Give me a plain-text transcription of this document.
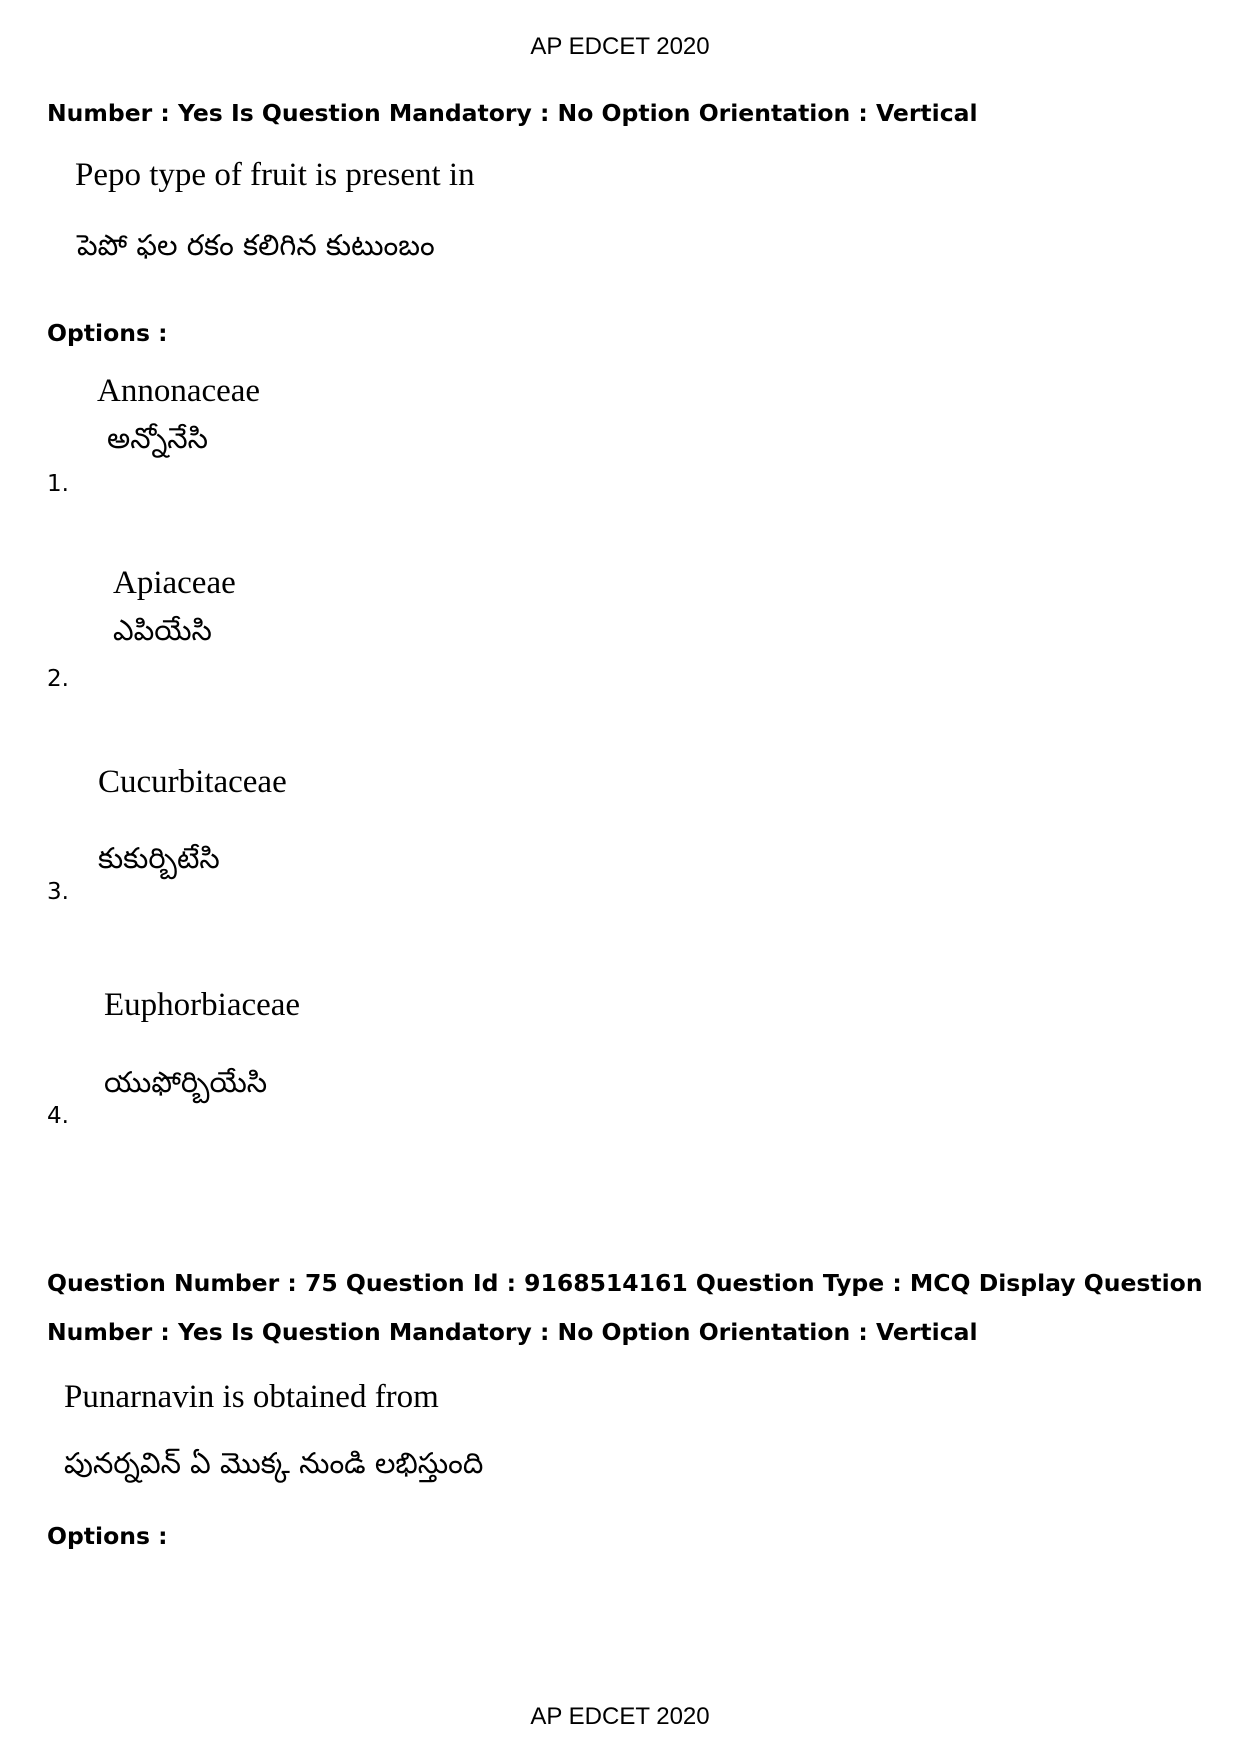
AP EDCET 2020
Number : Yes Is Question Mandatory : No Option Orientation : Vertical
Pepo type of fruit is present in
పెపో ఫల రకం కలిగిన కుటుంబం
Options :
Annonaceae
అన్నోనేసి
1.
Apiaceae
ఎపియేసి
2.
Cucurbitaceae
కుకుర్బిటేసి
3.
Euphorbiaceae
యుఫోర్బియేసి
4.
Question Number : 75 Question Id : 9168514161 Question Type : MCQ Display Question
Number : Yes Is Question Mandatory : No Option Orientation : Vertical
Punarnavin is obtained from
పునర్నవిన్ ఏ మొక్క నుండి లభిస్తుంది
Options :
AP EDCET 2020
